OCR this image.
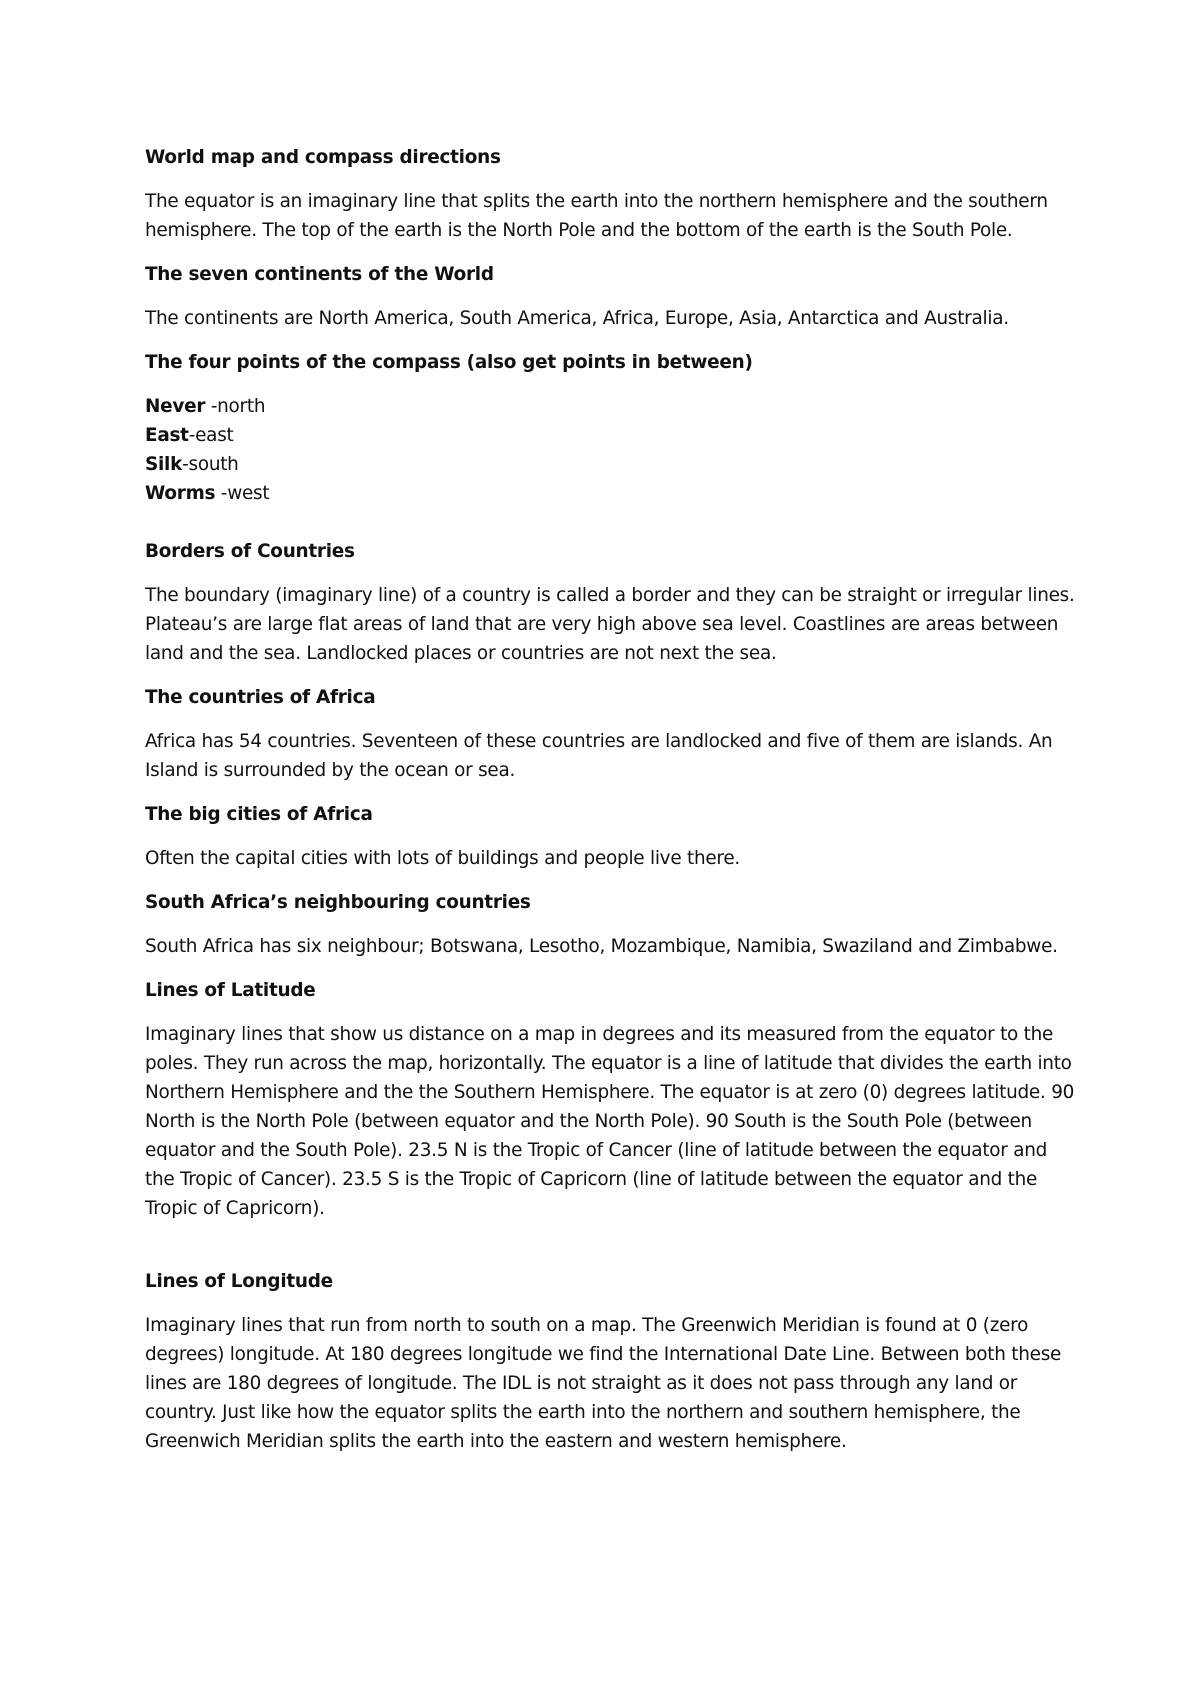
World map and compass directions
The equator is an imaginary line that splits the earth into the northern hemisphere and the southern hemisphere. The top of the earth is the North Pole and the bottom of the earth is the South Pole.
The seven continents of the World
The continents are North America, South America, Africa, Europe, Asia, Antarctica and Australia.
The four points of the compass (also get points in between)
Never -north
East-east
Silk-south
Worms -west
Borders of Countries
The boundary (imaginary line) of a country is called a border and they can be straight or irregular lines. Plateau’s are large flat areas of land that are very high above sea level. Coastlines are areas between land and the sea. Landlocked places or countries are not next the sea.
The countries of Africa
Africa has 54 countries. Seventeen of these countries are landlocked and five of them are islands. An Island is surrounded by the ocean or sea.
The big cities of Africa
Often the capital cities with lots of buildings and people live there.
South Africa’s neighbouring countries
South Africa has six neighbour; Botswana, Lesotho, Mozambique, Namibia, Swaziland and Zimbabwe.
Lines of Latitude
Imaginary lines that show us distance on a map in degrees and its measured from the equator to the poles. They run across the map, horizontally. The equator is a line of latitude that divides the earth into Northern Hemisphere and the the Southern Hemisphere. The equator is at zero (0) degrees latitude. 90 North is the North Pole (between equator and the North Pole). 90 South is the South Pole (between equator and the South Pole). 23.5 N is the Tropic of Cancer (line of latitude between the equator and the Tropic of Cancer). 23.5 S is the Tropic of Capricorn (line of latitude between the equator and the Tropic of Capricorn).
Lines of Longitude
Imaginary lines that run from north to south on a map. The Greenwich Meridian is found at 0 (zero degrees) longitude. At 180 degrees longitude we find the International Date Line. Between both these lines are 180 degrees of longitude. The IDL is not straight as it does not pass through any land or country. Just like how the equator splits the earth into the northern and southern hemisphere, the Greenwich Meridian splits the earth into the eastern and western hemisphere.
